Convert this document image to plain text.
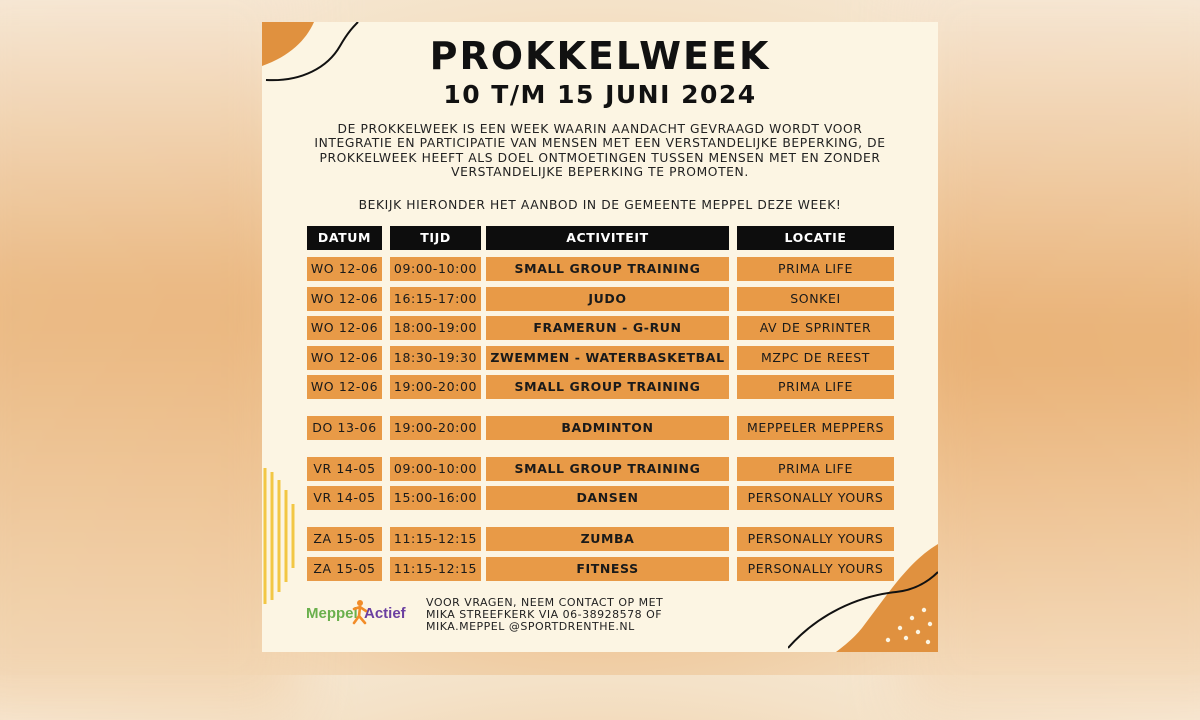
PROKKELWEEK
10 T/M 15 JUNI 2024
DE PROKKELWEEK IS EEN WEEK WAARIN AANDACHT GEVRAAGD WORDT VOOR INTEGRATIE EN PARTICIPATIE VAN MENSEN MET EEN VERSTANDELIJKE BEPERKING, DE PROKKELWEEK HEEFT ALS DOEL ONTMOETINGEN TUSSEN MENSEN MET EN ZONDER VERSTANDELIJKE BEPERKING TE PROMOTEN.
BEKIJK HIERONDER HET AANBOD IN DE GEMEENTE MEPPEL DEZE WEEK!
DATUM	TIJD	ACTIVITEIT	LOCATIE
WO 12-06	09:00-10:00	SMALL GROUP TRAINING	PRIMA LIFE
WO 12-06	16:15-17:00	JUDO	SONKEI
WO 12-06	18:00-19:00	FRAMERUN - G-RUN	AV DE SPRINTER
WO 12-06	18:30-19:30	ZWEMMEN - WATERBASKETBAL	MZPC DE REEST
WO 12-06	19:00-20:00	SMALL GROUP TRAINING	PRIMA LIFE
DO 13-06	19:00-20:00	BADMINTON	MEPPELER MEPPERS
VR 14-05	09:00-10:00	SMALL GROUP TRAINING	PRIMA LIFE
VR 14-05	15:00-16:00	DANSEN	PERSONALLY YOURS
ZA 15-05	11:15-12:15	ZUMBA	PERSONALLY YOURS
ZA 15-05	11:15-12:15	FITNESS	PERSONALLY YOURS
Meppel Actief
VOOR VRAGEN, NEEM CONTACT OP MET
MIKA STREEFKERK VIA 06-38928578 OF
MIKA.MEPPEL @SPORTDRENTHE.NL
